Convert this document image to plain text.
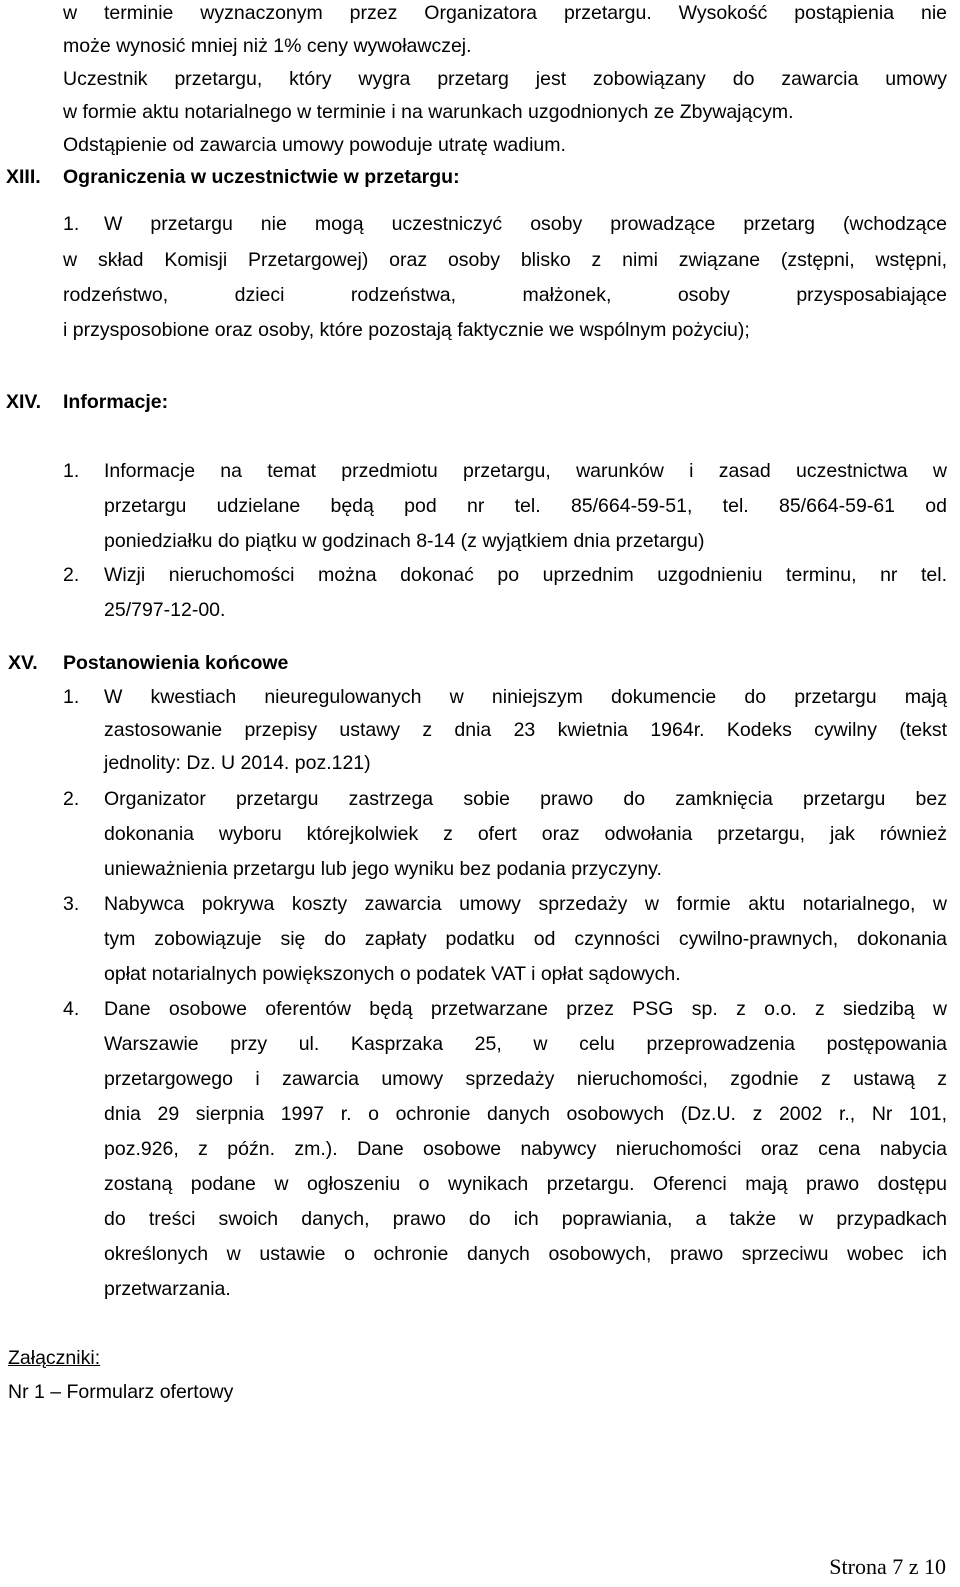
w terminie wyznaczonym przez Organizatora przetargu. Wysokość postąpienia nie
może wynosić mniej niż 1% ceny wywoławczej.
Uczestnik przetargu, który wygra przetarg jest zobowiązany do zawarcia umowy
w formie aktu notarialnego w terminie i na warunkach uzgodnionych ze Zbywającym.
Odstąpienie od zawarcia umowy powoduje utratę wadium.
XIII. Ograniczenia w uczestnictwie w przetargu:
1. W przetargu nie mogą uczestniczyć osoby prowadzące przetarg (wchodzące
w skład Komisji Przetargowej) oraz osoby blisko z nimi związane (zstępni, wstępni,
rodzeństwo, dzieci rodzeństwa, małżonek, osoby przysposabiające
i przysposobione oraz osoby, które pozostają faktycznie we wspólnym pożyciu);
XIV. Informacje:
1. Informacje na temat przedmiotu przetargu, warunków i zasad uczestnictwa w
przetargu udzielane będą pod nr tel. 85/664-59-51, tel. 85/664-59-61 od
poniedziałku do piątku w godzinach 8-14 (z wyjątkiem dnia przetargu)
2. Wizji nieruchomości można dokonać po uprzednim uzgodnieniu terminu, nr tel.
25/797-12-00.
XV. Postanowienia końcowe
1. W kwestiach nieuregulowanych w niniejszym dokumencie do przetargu mają
zastosowanie przepisy ustawy z dnia 23 kwietnia 1964r. Kodeks cywilny (tekst
jednolity: Dz. U 2014. poz.121)
2. Organizator przetargu zastrzega sobie prawo do zamknięcia przetargu bez
dokonania wyboru którejkolwiek z ofert oraz odwołania przetargu, jak również
unieważnienia przetargu lub jego wyniku bez podania przyczyny.
3. Nabywca pokrywa koszty zawarcia umowy sprzedaży w formie aktu notarialnego, w
tym zobowiązuje się do zapłaty podatku od czynności cywilno-prawnych, dokonania
opłat notarialnych powiększonych o podatek VAT i opłat sądowych.
4. Dane osobowe oferentów będą przetwarzane przez PSG sp. z o.o. z siedzibą w
Warszawie przy ul. Kasprzaka 25, w celu przeprowadzenia postępowania
przetargowego i zawarcia umowy sprzedaży nieruchomości, zgodnie z ustawą z
dnia 29 sierpnia 1997 r. o ochronie danych osobowych (Dz.U. z 2002 r., Nr 101,
poz.926, z późn. zm.). Dane osobowe nabywcy nieruchomości oraz cena nabycia
zostaną podane w ogłoszeniu o wynikach przetargu. Oferenci mają prawo dostępu
do treści swoich danych, prawo do ich poprawiania, a także w przypadkach
określonych w ustawie o ochronie danych osobowych, prawo sprzeciwu wobec ich
przetwarzania.
Załączniki:
Nr 1 – Formularz ofertowy
Strona 7 z 10
